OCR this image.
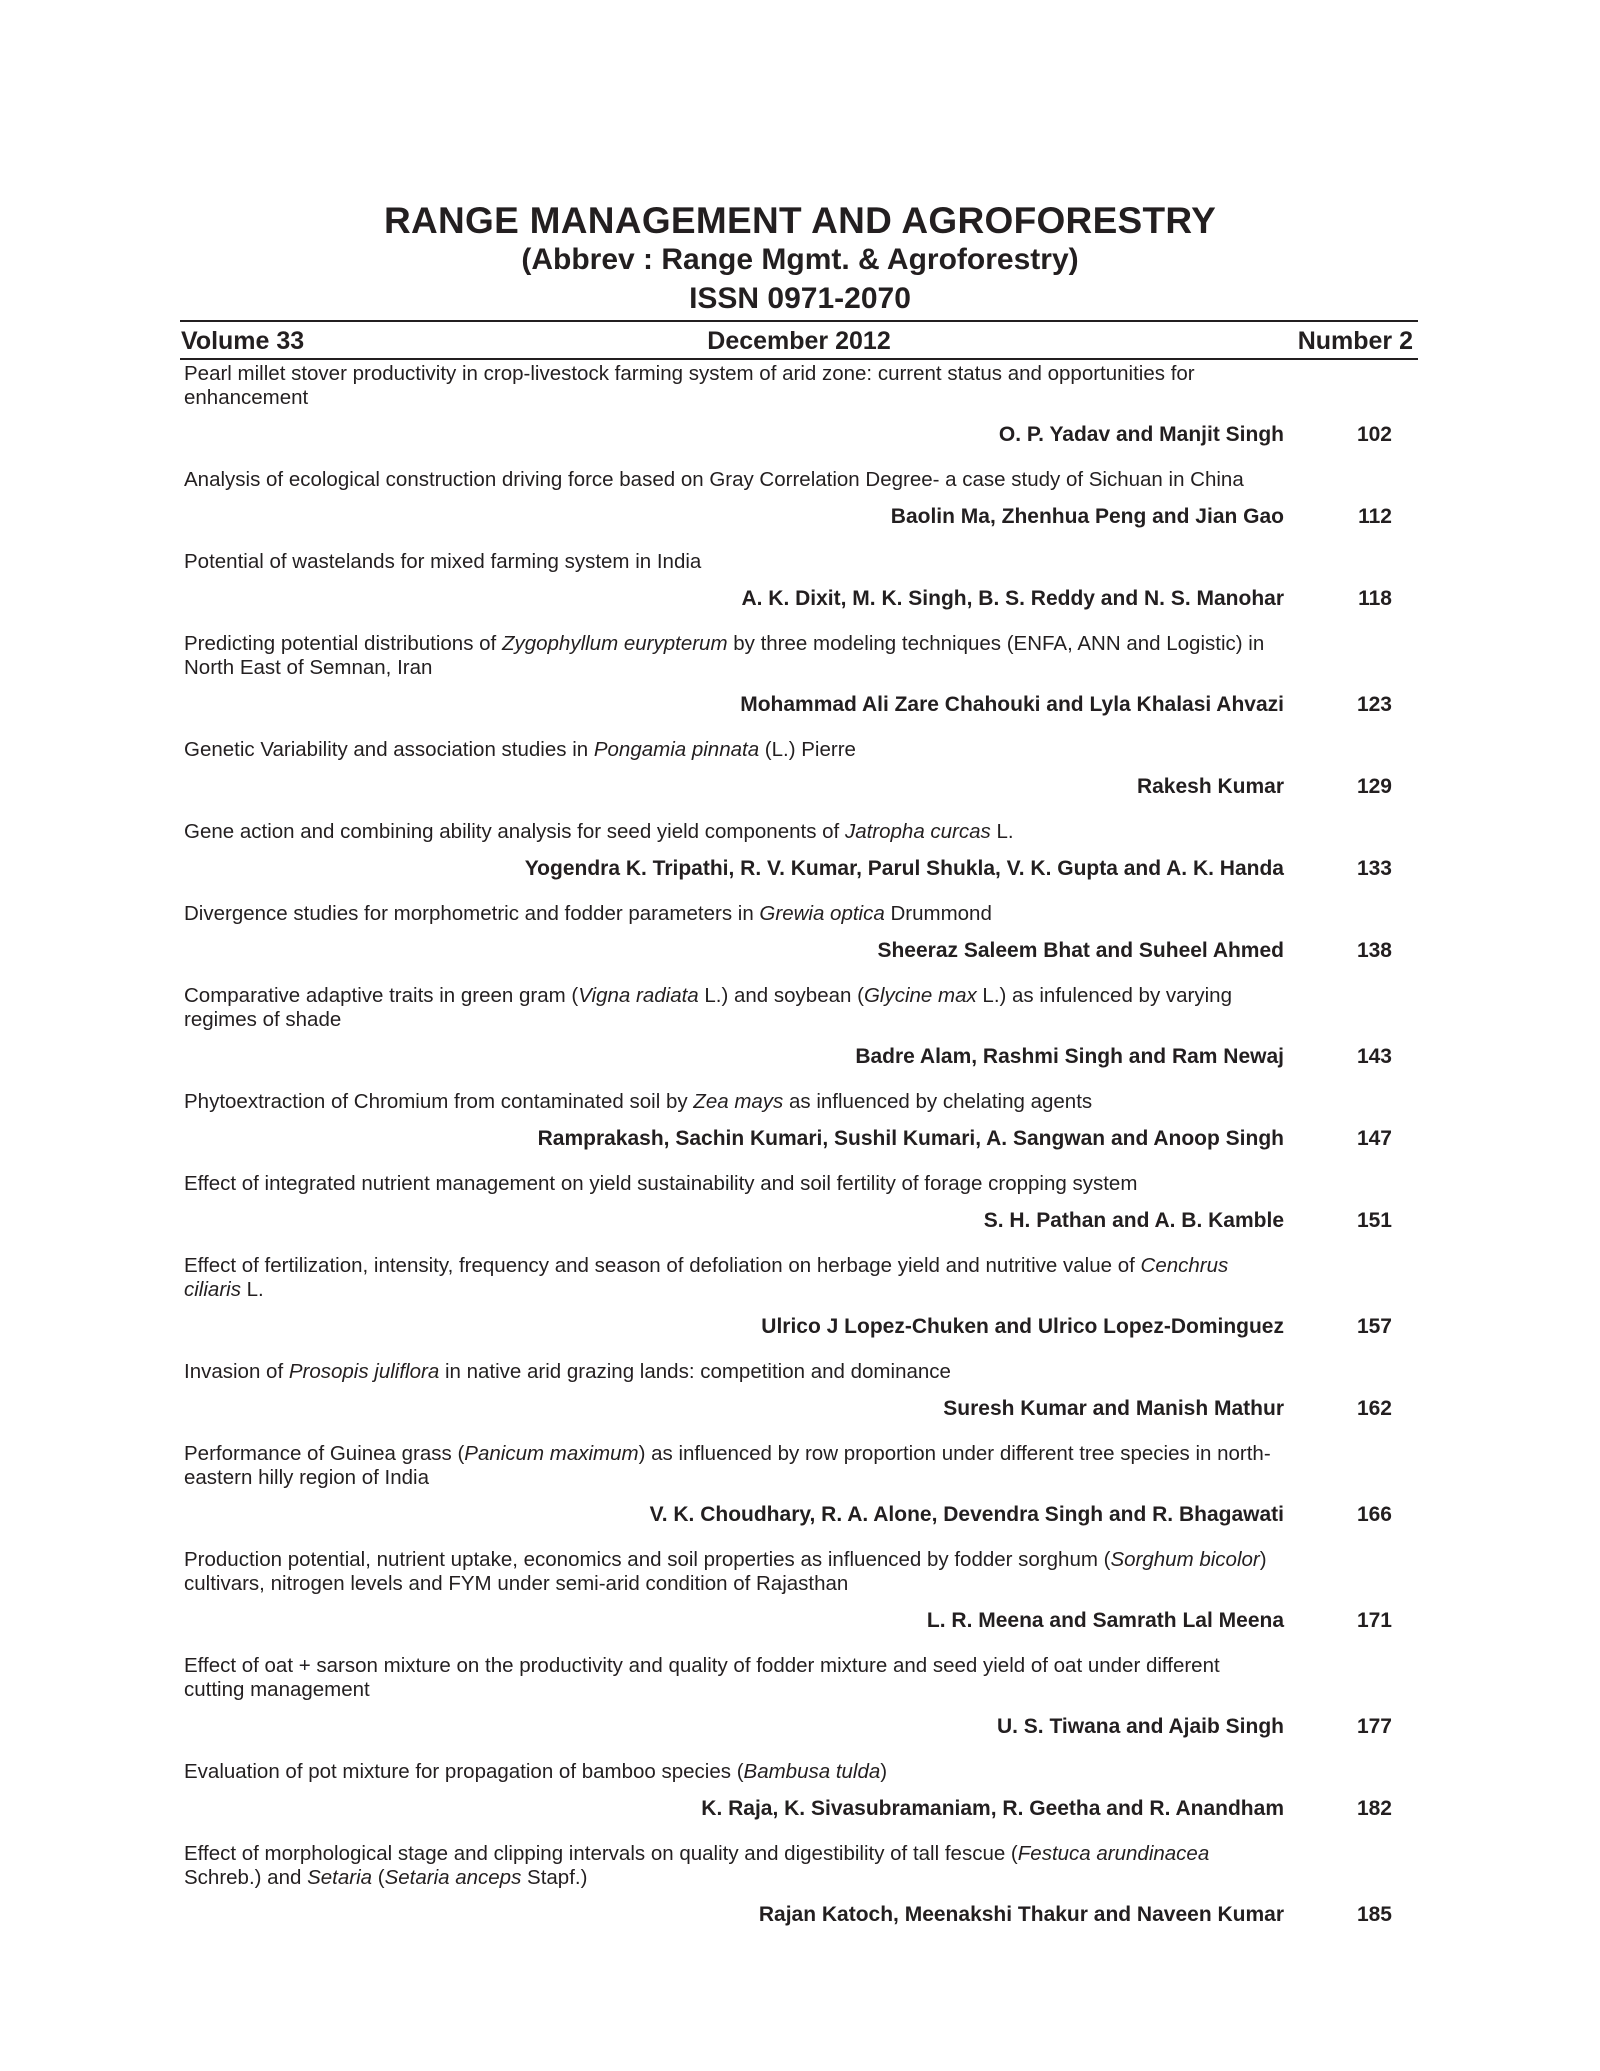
RANGE MANAGEMENT AND AGROFORESTRY
(Abbrev : Range Mgmt. & Agroforestry)
ISSN 0971-2070
Volume 33	December 2012	Number 2
Pearl millet stover productivity in crop-livestock farming system of arid zone: current status and opportunities for enhancement
O. P. Yadav and Manjit Singh	102
Analysis of ecological construction driving force based on Gray Correlation Degree- a case study of Sichuan in China
Baolin Ma, Zhenhua Peng and Jian Gao	112
Potential of wastelands for mixed farming system in India
A. K. Dixit, M. K. Singh, B. S. Reddy and N. S. Manohar	118
Predicting potential distributions of Zygophyllum eurypterum by three modeling techniques (ENFA, ANN and Logistic) in North East of Semnan, Iran
Mohammad Ali Zare Chahouki and Lyla Khalasi Ahvazi	123
Genetic Variability and association studies in Pongamia pinnata (L.) Pierre
Rakesh Kumar	129
Gene action and combining ability analysis for seed yield components of Jatropha curcas L.
Yogendra K. Tripathi, R. V. Kumar, Parul Shukla, V. K. Gupta and A. K. Handa	133
Divergence studies for morphometric and fodder parameters in Grewia optica Drummond
Sheeraz Saleem Bhat and Suheel Ahmed	138
Comparative adaptive traits in green gram (Vigna radiata L.) and soybean (Glycine max L.) as infulenced by varying regimes of shade
Badre Alam, Rashmi Singh and Ram Newaj	143
Phytoextraction of Chromium from contaminated soil by Zea mays as influenced by chelating agents
Ramprakash, Sachin Kumari, Sushil Kumari, A. Sangwan and Anoop Singh	147
Effect of integrated nutrient management on yield sustainability and soil fertility of forage cropping system
S. H. Pathan and A. B. Kamble	151
Effect of fertilization, intensity, frequency and season of defoliation on herbage yield and nutritive value of Cenchrus ciliaris L.
Ulrico J Lopez-Chuken and Ulrico Lopez-Dominguez	157
Invasion of Prosopis juliflora in native arid grazing lands: competition and dominance
Suresh Kumar and Manish Mathur	162
Performance of Guinea grass (Panicum maximum) as influenced by row proportion under different tree species in north-eastern hilly region of India
V. K. Choudhary, R. A. Alone, Devendra Singh and R. Bhagawati	166
Production potential, nutrient uptake, economics and soil properties as influenced by fodder sorghum (Sorghum bicolor) cultivars, nitrogen levels and FYM under semi-arid condition of Rajasthan
L. R. Meena and Samrath Lal Meena	171
Effect of oat + sarson mixture on the productivity and quality of fodder mixture and seed yield of oat under different cutting management
U. S. Tiwana and Ajaib Singh	177
Evaluation of pot mixture for propagation of bamboo species (Bambusa tulda)
K. Raja, K. Sivasubramaniam, R. Geetha and R. Anandham	182
Effect of morphological stage and clipping intervals on quality and digestibility of tall fescue (Festuca arundinacea Schreb.) and Setaria (Setaria anceps Stapf.)
Rajan Katoch, Meenakshi Thakur and Naveen Kumar	185
